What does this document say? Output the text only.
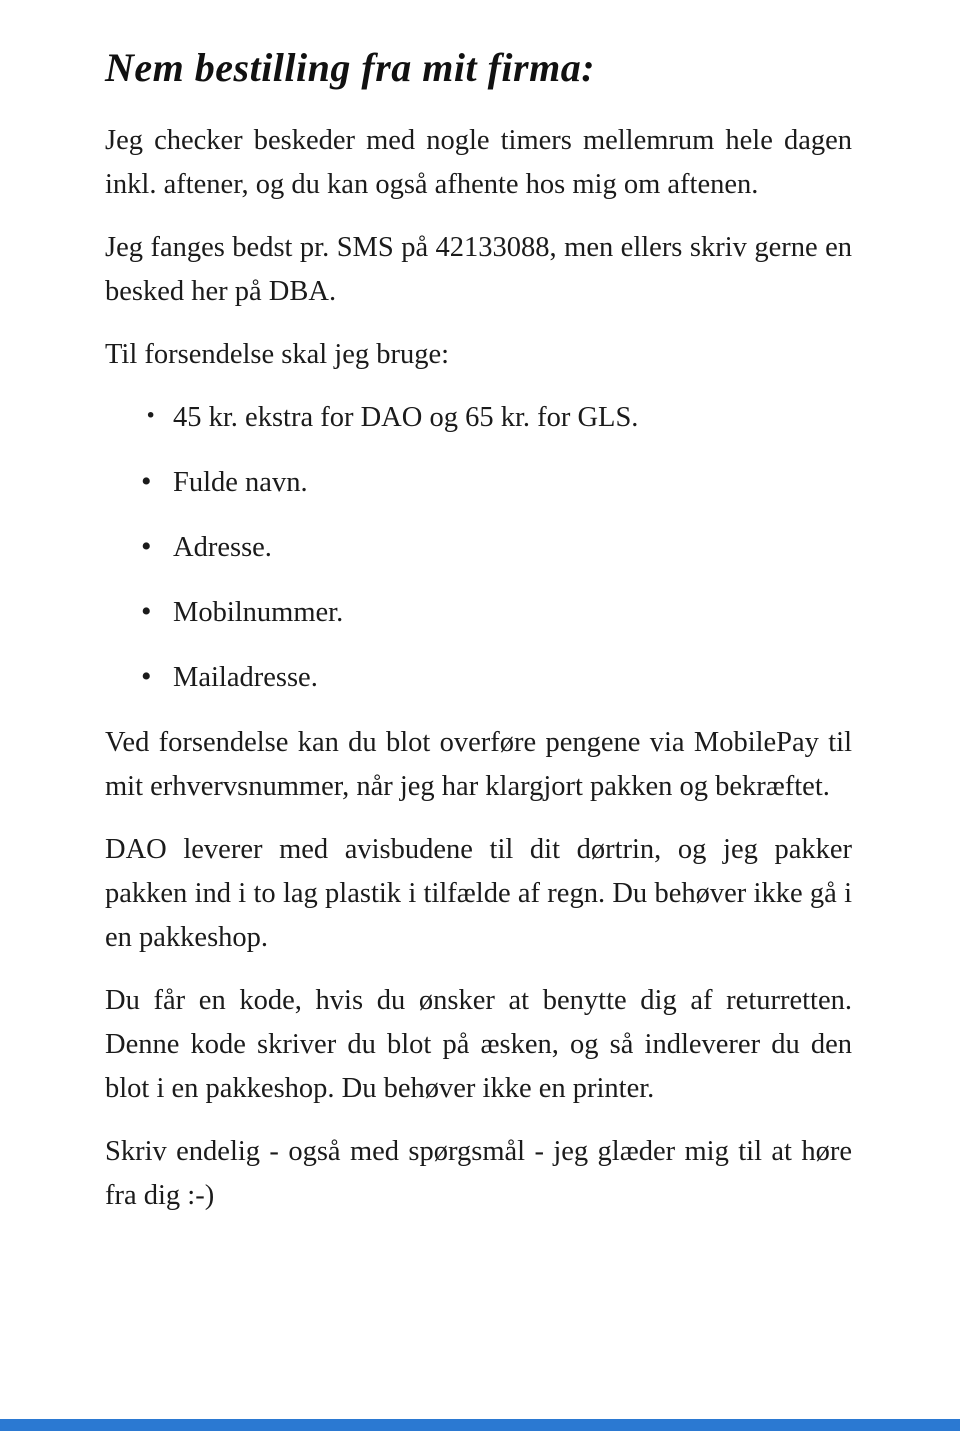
Nem bestilling fra mit firma:

Jeg checker beskeder med nogle timers mellemrum hele dagen inkl. aftener, og du kan også afhente hos mig om aftenen.

Jeg fanges bedst pr. SMS på 42133088, men ellers skriv gerne en besked her på DBA.

Til forsendelse skal jeg bruge:

· 45 kr. ekstra for DAO og 65 kr. for GLS.
• Fulde navn.
• Adresse.
• Mobilnummer.
• Mailadresse.

Ved forsendelse kan du blot overføre pengene via MobilePay til mit erhvervsnummer, når jeg har klargjort pakken og bekræftet.

DAO leverer med avisbudene til dit dørtrin, og jeg pakker pakken ind i to lag plastik i tilfælde af regn. Du behøver ikke gå i en pakkeshop.

Du får en kode, hvis du ønsker at benytte dig af returretten. Denne kode skriver du blot på æsken, og så indleverer du den blot i en pakkeshop. Du behøver ikke en printer.

Skriv endelig - også med spørgsmål - jeg glæder mig til at høre fra dig :-)
